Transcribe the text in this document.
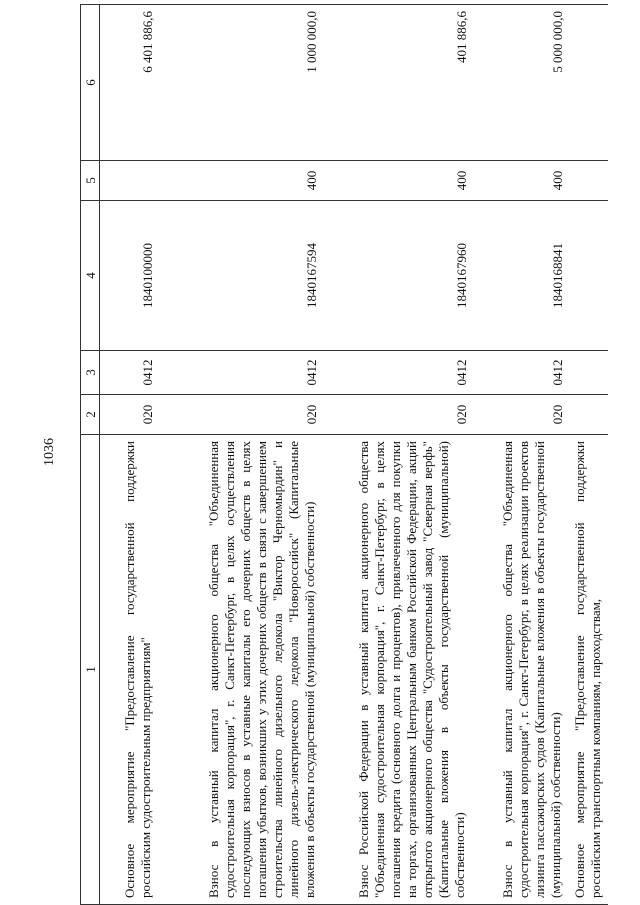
1036
1	2	3	4	5	6
Основное мероприятие "Предоставление государственной поддержки российским судостроительным предприятиям"	020	0412	1840100000		6 401 886,6
Взнос в уставный капитал акционерного общества "Объединенная судостроительная корпорация", г. Санкт-Петербург, в целях осуществления последующих взносов в уставные капиталы его дочерних обществ в целях погашения убытков, возникших у этих дочерних обществ в связи с завершением строительства линейного дизельного ледокола "Виктор Черномырдин" и линейного дизель-электрического ледокола "Новороссийск" (Капитальные вложения в объекты государственной (муниципальной) собственности)	020	0412	1840167594	400	1 000 000,0
Взнос Российской Федерации в уставный капитал акционерного общества "Объединенная судостроительная корпорация", г. Санкт-Петербург, в целях погашения кредита (основного долга и процентов), привлеченного для покупки на торгах, организованных Центральным банком Российской Федерации, акций открытого акционерного общества "Судостроительный завод "Северная верфь" (Капитальные вложения в объекты государственной (муниципальной) собственности)	020	0412	1840167960	400	401 886,6
Взнос в уставный капитал акционерного общества "Объединенная судостроительная корпорация", г. Санкт-Петербург, в целях реализации проектов лизинга пассажирских судов (Капитальные вложения в объекты государственной (муниципальной) собственности)	020	0412	1840168841	400	5 000 000,0
Основное мероприятие "Предоставление государственной поддержки российским транспортным компаниям, пароходствам,					
